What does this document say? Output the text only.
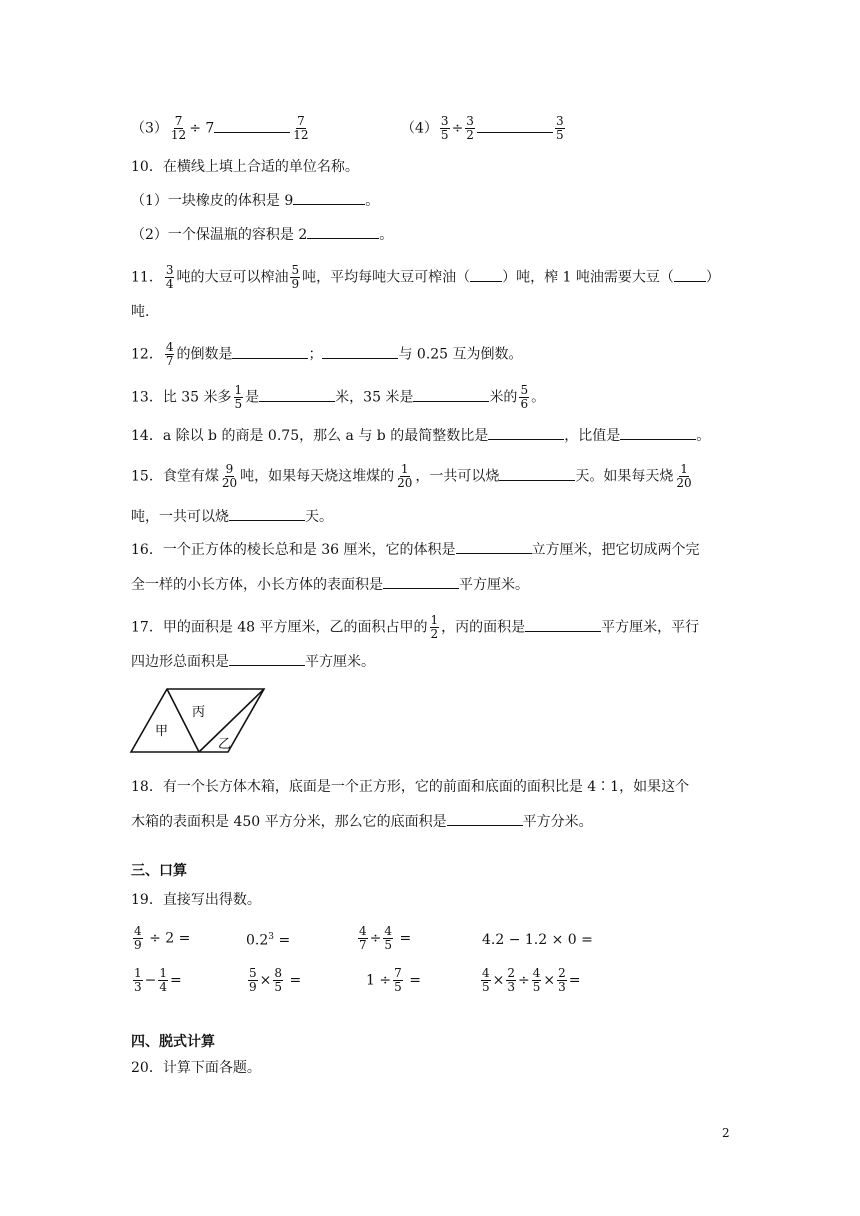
$(3) \frac{7}{12} \div 7$	$\frac{7}{12}$	$(4) \frac{3}{5} \div \frac{3}{2}$	$\frac{3}{5}$
10．在横线上填上合适的单位名称。
（1）一块橡皮的体积是 9	。
（2）一个保温瓶的容积是 2	。
11． $\frac{3}{4}$ 吨的大豆可以榨油 $\frac{5}{9}$ 吨，平均每吨大豆可榨油（ ）吨，榨 1 吨油需要大豆（ ）
吨.
12． $\frac{4}{7}$ 的倒数是	；	与 0.25 互为倒数。
13．比 35 米多 $\frac{1}{5}$ 是	米，35 米是	米的 $\frac{5}{6}$ 。
14．a 除以 b 的商是 0.75，那么 a 与 b 的最简整数比是	，比值是	。
15．食堂有煤 $\frac{9}{20}$ 吨，如果每天烧这堆煤的 $\frac{1}{20}$ ，一共可以烧	天。如果每天烧 $\frac{1}{20}$
吨，一共可以烧	天。
16．一个正方体的棱长总和是 36 厘米，它的体积是	立方厘米，把它切成两个完
全一样的小长方体，小长方体的表面积是	平方厘米。
17．甲的面积是 48 平方厘米，乙的面积占甲的 $\frac{1}{2}$ ，丙的面积是	平方厘米，平行
四边形总面积是	平方厘米。
甲
丙
乙
18．有一个长方体木箱，底面是一个正方形，它的前面和底面的面积比是 4∶1，如果这个
木箱的表面积是 450 平方分米，那么它的底面积是	平方分米。
三、口算
19．直接写出得数。
$\frac{4}{9} \div 2$ =	$0.2^3$ =	$\frac{4}{7} \div \frac{4}{5}$ =	4.2 − 1.2 × 0 =
$\frac{1}{3} - \frac{1}{4}$ =	$\frac{5}{9} \times \frac{8}{5}$ =	$1 \div \frac{7}{5}$ =	$\frac{4}{5} \times \frac{2}{3} \div \frac{4}{5} \times \frac{2}{3}$ =
四、脱式计算
20．计算下面各题。
2
